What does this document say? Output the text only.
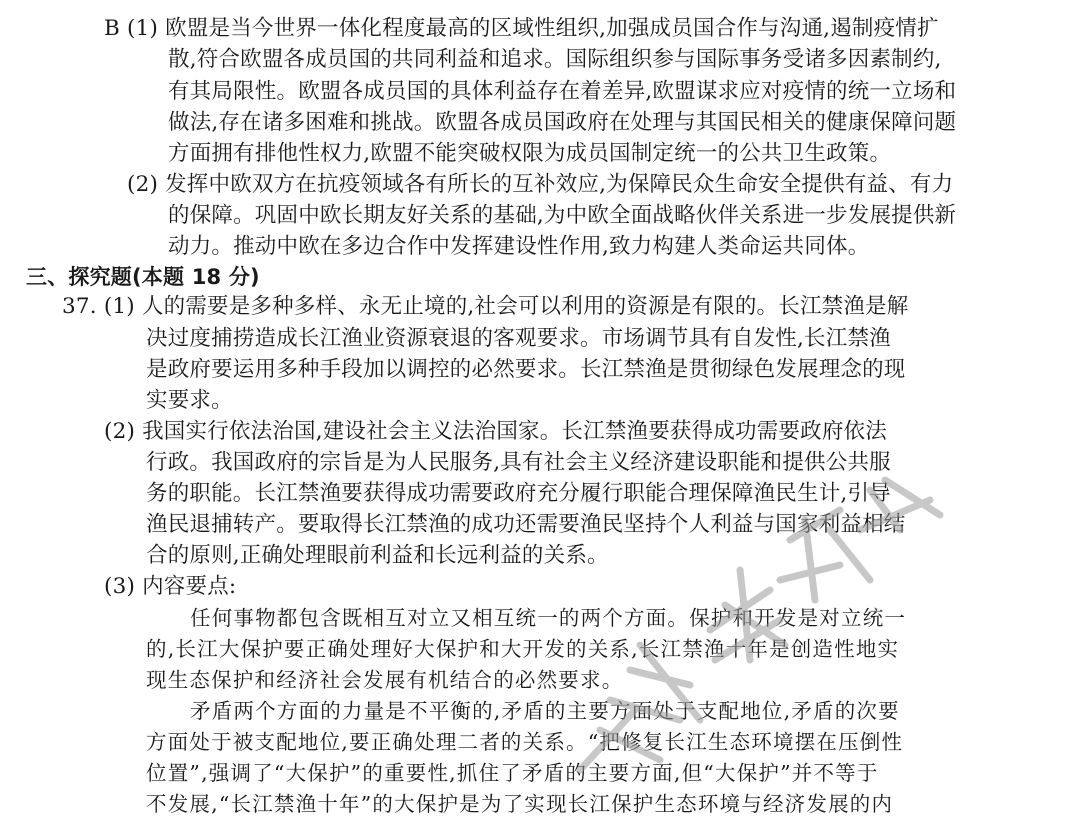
B (1) 欧盟是当今世界一体化程度最高的区域性组织,加强成员国合作与沟通,遏制疫情扩
散,符合欧盟各成员国的共同利益和追求。国际组织参与国际事务受诸多因素制约,
有其局限性。欧盟各成员国的具体利益存在着差异,欧盟谋求应对疫情的统一立场和
做法,存在诸多困难和挑战。欧盟各成员国政府在处理与其国民相关的健康保障问题
方面拥有排他性权力,欧盟不能突破权限为成员国制定统一的公共卫生政策。
(2) 发挥中欧双方在抗疫领域各有所长的互补效应,为保障民众生命安全提供有益、有力
的保障。巩固中欧长期友好关系的基础,为中欧全面战略伙伴关系进一步发展提供新
动力。推动中欧在多边合作中发挥建设性作用,致力构建人类命运共同体。
三、探究题(本题 18 分)
37. (1) 人的需要是多种多样、永无止境的,社会可以利用的资源是有限的。长江禁渔是解
决过度捕捞造成长江渔业资源衰退的客观要求。市场调节具有自发性,长江禁渔
是政府要运用多种手段加以调控的必然要求。长江禁渔是贯彻绿色发展理念的现
实要求。
(2) 我国实行依法治国,建设社会主义法治国家。长江禁渔要获得成功需要政府依法
行政。我国政府的宗旨是为人民服务,具有社会主义经济建设职能和提供公共服
务的职能。长江禁渔要获得成功需要政府充分履行职能合理保障渔民生计,引导
渔民退捕转产。要取得长江禁渔的成功还需要渔民坚持个人利益与国家利益相结
合的原则,正确处理眼前利益和长远利益的关系。
(3) 内容要点:
任何事物都包含既相互对立又相互统一的两个方面。保护和开发是对立统一
的,长江大保护要正确处理好大保护和大开发的关系,长江禁渔十年是创造性地实
现生态保护和经济社会发展有机结合的必然要求。
矛盾两个方面的力量是不平衡的,矛盾的主要方面处于支配地位,矛盾的次要
方面处于被支配地位,要正确处理二者的关系。“把修复长江生态环境摆在压倒性
位置”,强调了“大保护”的重要性,抓住了矛盾的主要方面,但“大保护”并不等于
不发展,“长江禁渔十年”的大保护是为了实现长江保护生态环境与经济发展的内
